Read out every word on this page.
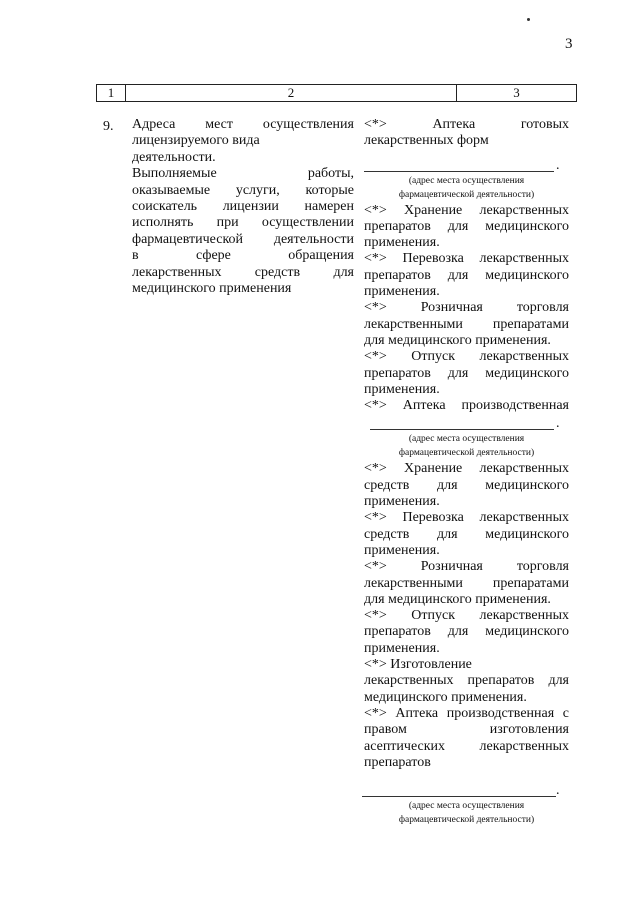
3
1	2	3
9. Адреса мест осуществления
лицензируемого вида
деятельности.
Выполняемые работы,
оказываемые услуги, которые
соискатель лицензии намерен
исполнять при осуществлении
фармацевтической деятельности
в сфере обращения
лекарственных средств для
медицинского применения
<*> Аптека готовых
лекарственных форм
.
(адрес места осуществления
фармацевтической деятельности)
<*> Хранение лекарственных
препаратов для медицинского
применения.
<*> Перевозка лекарственных
препаратов для медицинского
применения.
<*> Розничная торговля
лекарственными препаратами
для медицинского применения.
<*> Отпуск лекарственных
препаратов для медицинского
применения.
<*> Аптека производственная
.
(адрес места осуществления
фармацевтической деятельности)
<*> Хранение лекарственных
средств для медицинского
применения.
<*> Перевозка лекарственных
средств для медицинского
применения.
<*> Розничная торговля
лекарственными препаратами
для медицинского применения.
<*> Отпуск лекарственных
препаратов для медицинского
применения.
<*> Изготовление
лекарственных препаратов для
медицинского применения.
<*> Аптека производственная с
правом изготовления
асептических лекарственных
препаратов
.
(адрес места осуществления
фармацевтической деятельности)
